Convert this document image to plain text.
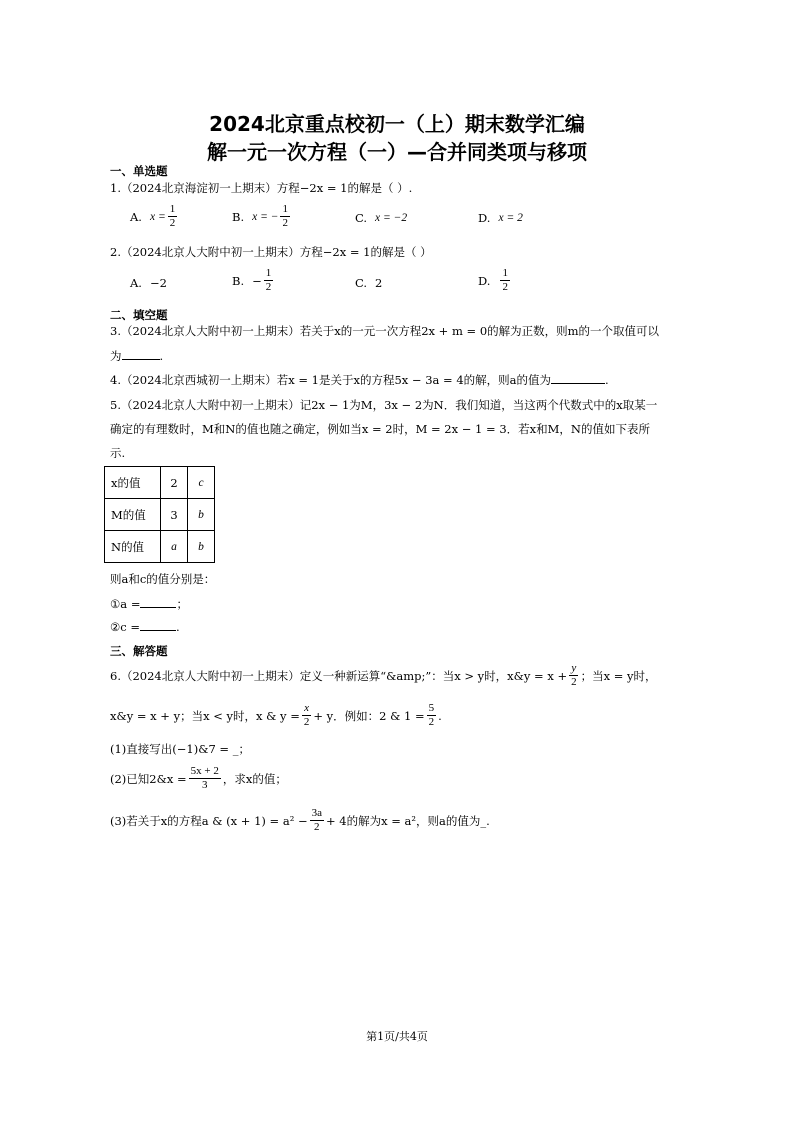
2024北京重点校初一（上）期末数学汇编
解一元一次方程（一）—合并同类项与移项
一、单选题
1.（2024北京海淀初一上期末）方程−2x = 1的解是（ ）.
A. $x = \frac{1}{2}$	B. x = − $\frac{1}{2}$	C. x = −2	D. x = 2
2.（2024北京人大附中初一上期末）方程−2x = 1的解是（ ）
A. −2	B. − $\frac{1}{2}$	C. 2	D. $\frac{1}{2}$
二、填空题
3.（2024北京人大附中初一上期末）若关于x的一元一次方程2x + m = 0的解为正数，则m的一个取值可以
为	.
4.（2024北京西城初一上期末）若x = 1是关于x的方程5x − 3a = 4的解，则a的值为	.
5.（2024北京人大附中初一上期末）记2x − 1为M，3x − 2为N．我们知道，当这两个代数式中的x取某一
确定的有理数时，M和N的值也随之确定，例如当x = 2时，M = 2x − 1 = 3．若x和M，N的值如下表所
示.
x的值	2	c
M的值	3	b
N的值	a	b
则a和c的值分别是：
①a =	；
②c =	.
三、解答题
6.（2024北京人大附中初一上期末）定义一种新运算“&amp;”：当x > y时，x&y = $x + \frac{y}{2}$ ；当x = y时，
x&y = x + y；当x < y时，x & $y = \frac{x}{2} + y$．例如：2 & $1 = \frac{5}{2}$ .
(1)直接写出(−1)&7 = _；
(2)已知2&x = $\frac{5x + 2}{3}$ ，求x的值；
(3)若关于x的方程a & $(x + 1) = a^2 - \frac{3a}{2} + 4$的解为x = a²，则a的值为_.
第1页/共4页
